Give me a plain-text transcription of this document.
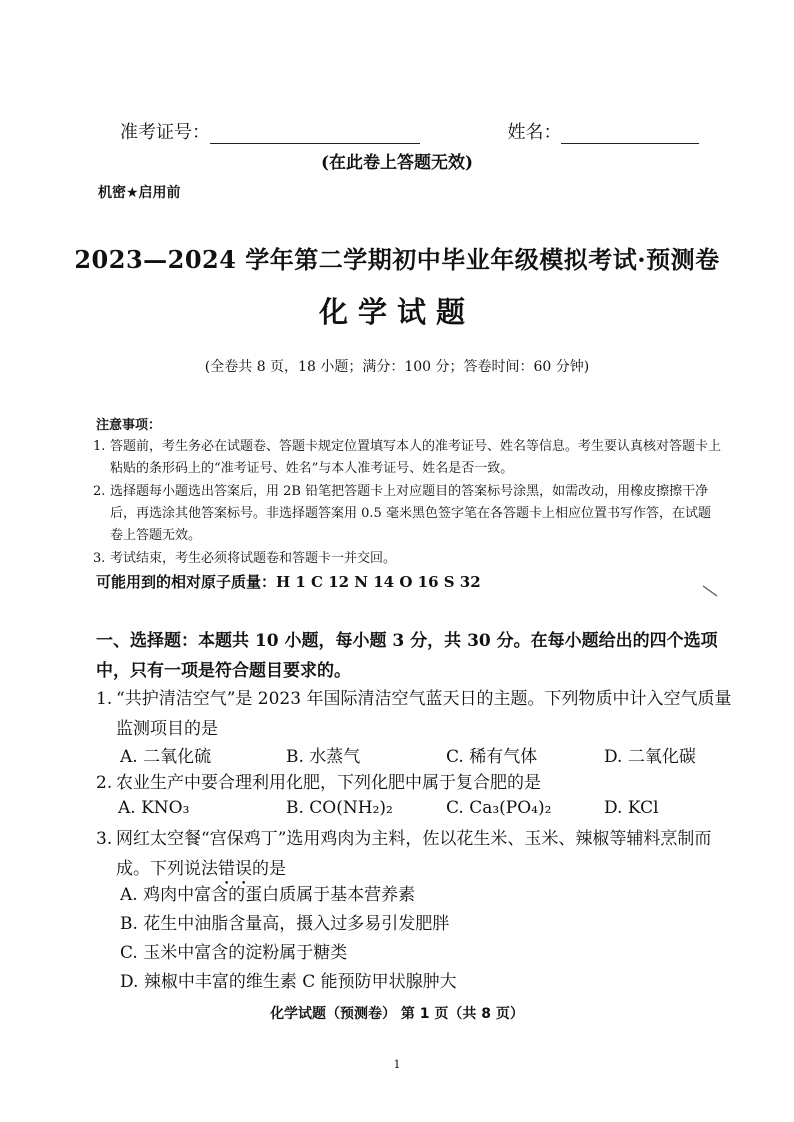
准考证号：	姓名：
(在此卷上答题无效)
机密★启用前
2023—2024 学年第二学期初中毕业年级模拟考试·预测卷
化学试题
(全卷共 8 页，18 小题；满分：100 分；答卷时间：60 分钟)
注意事项：
1. 答题前，考生务必在试题卷、答题卡规定位置填写本人的准考证号、姓名等信息。考生要认真核对答题卡上粘贴的条形码上的“准考证号、姓名”与本人准考证号、姓名是否一致。
2. 选择题每小题选出答案后，用 2B 铅笔把答题卡上对应题目的答案标号涂黑，如需改动，用橡皮擦擦干净后，再选涂其他答案标号。非选择题答案用 0.5 毫米黑色签字笔在各答题卡上相应位置书写作答，在试题卷上答题无效。
3. 考试结束，考生必须将试题卷和答题卡一并交回。
可能用到的相对原子质量：H 1 C 12 N 14 O 16 S 32
一、选择题：本题共 10 小题，每小题 3 分，共 30 分。在每小题给出的四个选项中，只有一项是符合题目要求的。
1. “共护清洁空气”是 2023 年国际清洁空气蓝天日的主题。下列物质中计入空气质量监测项目的是
A. 二氧化硫	B. 水蒸气	C. 稀有气体	D. 二氧化碳
2. 农业生产中要合理利用化肥，下列化肥中属于复合肥的是
A. KNO₃	B. CO(NH₂)₂	C. Ca₃(PO₄)₂	D. KCl
3. 网红太空餐“宫保鸡丁”选用鸡肉为主料，佐以花生米、玉米、辣椒等辅料烹制而成。下列说法错误的是
A. 鸡肉中富含的蛋白质属于基本营养素
B. 花生中油脂含量高，摄入过多易引发肥胖
C. 玉米中富含的淀粉属于糖类
D. 辣椒中丰富的维生素 C 能预防甲状腺肿大
化学试题（预测卷） 第 1 页（共 8 页）
1
